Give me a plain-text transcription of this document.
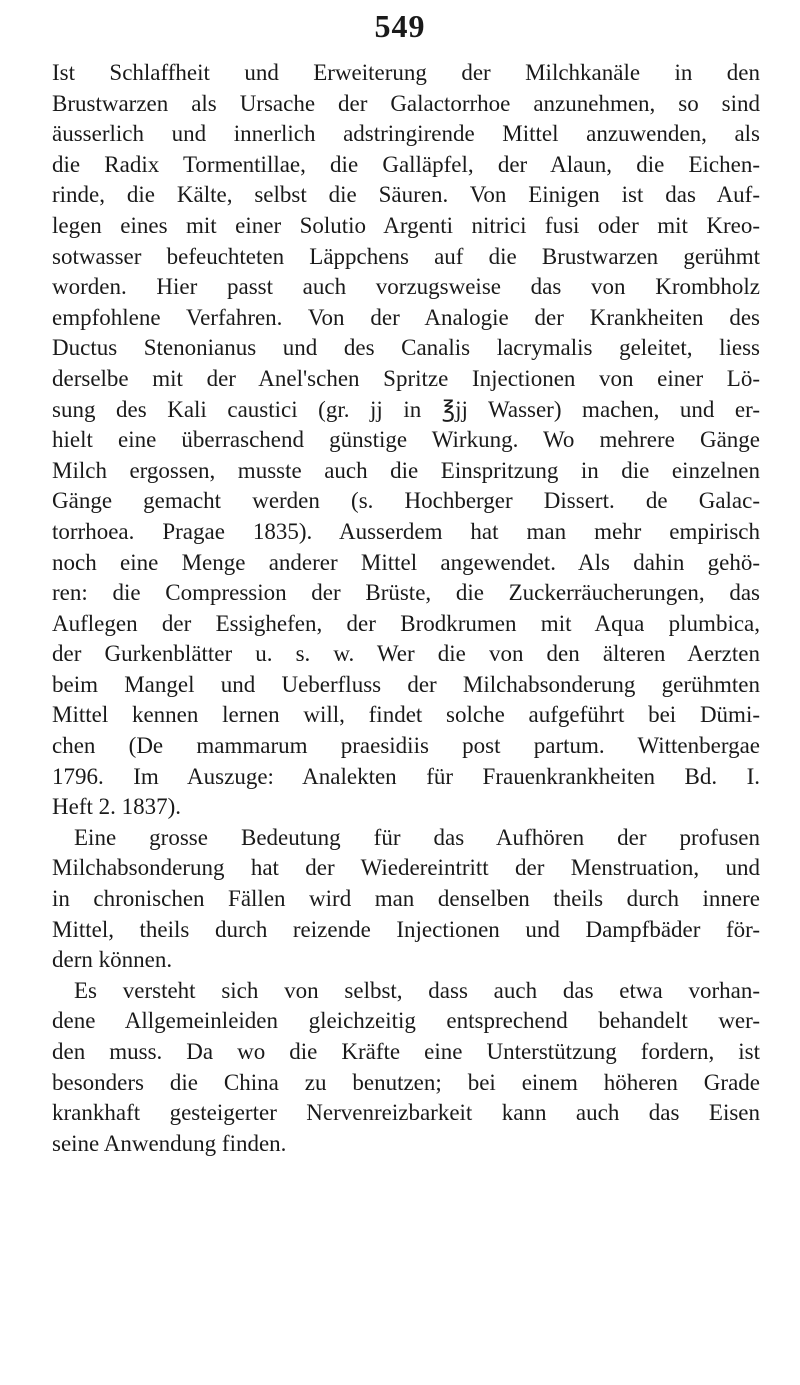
549
Ist Schlaffheit und Erweiterung der Milchkanäle in den
Brustwarzen als Ursache der Galactorrhoe anzunehmen, so sind
äusserlich und innerlich adstringirende Mittel anzuwenden, als
die Radix Tormentillae, die Galläpfel, der Alaun, die Eichen-
rinde, die Kälte, selbst die Säuren. Von Einigen ist das Auf-
legen eines mit einer Solutio Argenti nitrici fusi oder mit Kreo-
sotwasser befeuchteten Läppchens auf die Brustwarzen gerühmt
worden. Hier passt auch vorzugsweise das von Krombholz
empfohlene Verfahren. Von der Analogie der Krankheiten des
Ductus Stenonianus und des Canalis lacrymalis geleitet, liess
derselbe mit der Anel'schen Spritze Injectionen von einer Lö-
sung des Kali caustici (gr. jj in ℥jj Wasser) machen, und er-
hielt eine überraschend günstige Wirkung. Wo mehrere Gänge
Milch ergossen, musste auch die Einspritzung in die einzelnen
Gänge gemacht werden (s. Hochberger Dissert. de Galac-
torrhoea. Pragae 1835). Ausserdem hat man mehr empirisch
noch eine Menge anderer Mittel angewendet. Als dahin gehö-
ren: die Compression der Brüste, die Zuckerräucherungen, das
Auflegen der Essighefen, der Brodkrumen mit Aqua plumbica,
der Gurkenblätter u. s. w. Wer die von den älteren Aerzten
beim Mangel und Ueberfluss der Milchabsonderung gerühmten
Mittel kennen lernen will, findet solche aufgeführt bei Dümi-
chen (De mammarum praesidiis post partum. Wittenbergae
1796. Im Auszuge: Analekten für Frauenkrankheiten Bd. I.
Heft 2. 1837).
Eine grosse Bedeutung für das Aufhören der profusen
Milchabsonderung hat der Wiedereintritt der Menstruation, und
in chronischen Fällen wird man denselben theils durch innere
Mittel, theils durch reizende Injectionen und Dampfbäder för-
dern können.
Es versteht sich von selbst, dass auch das etwa vorhan-
dene Allgemeinleiden gleichzeitig entsprechend behandelt wer-
den muss. Da wo die Kräfte eine Unterstützung fordern, ist
besonders die China zu benutzen; bei einem höheren Grade
krankhaft gesteigerter Nervenreizbarkeit kann auch das Eisen
seine Anwendung finden.
